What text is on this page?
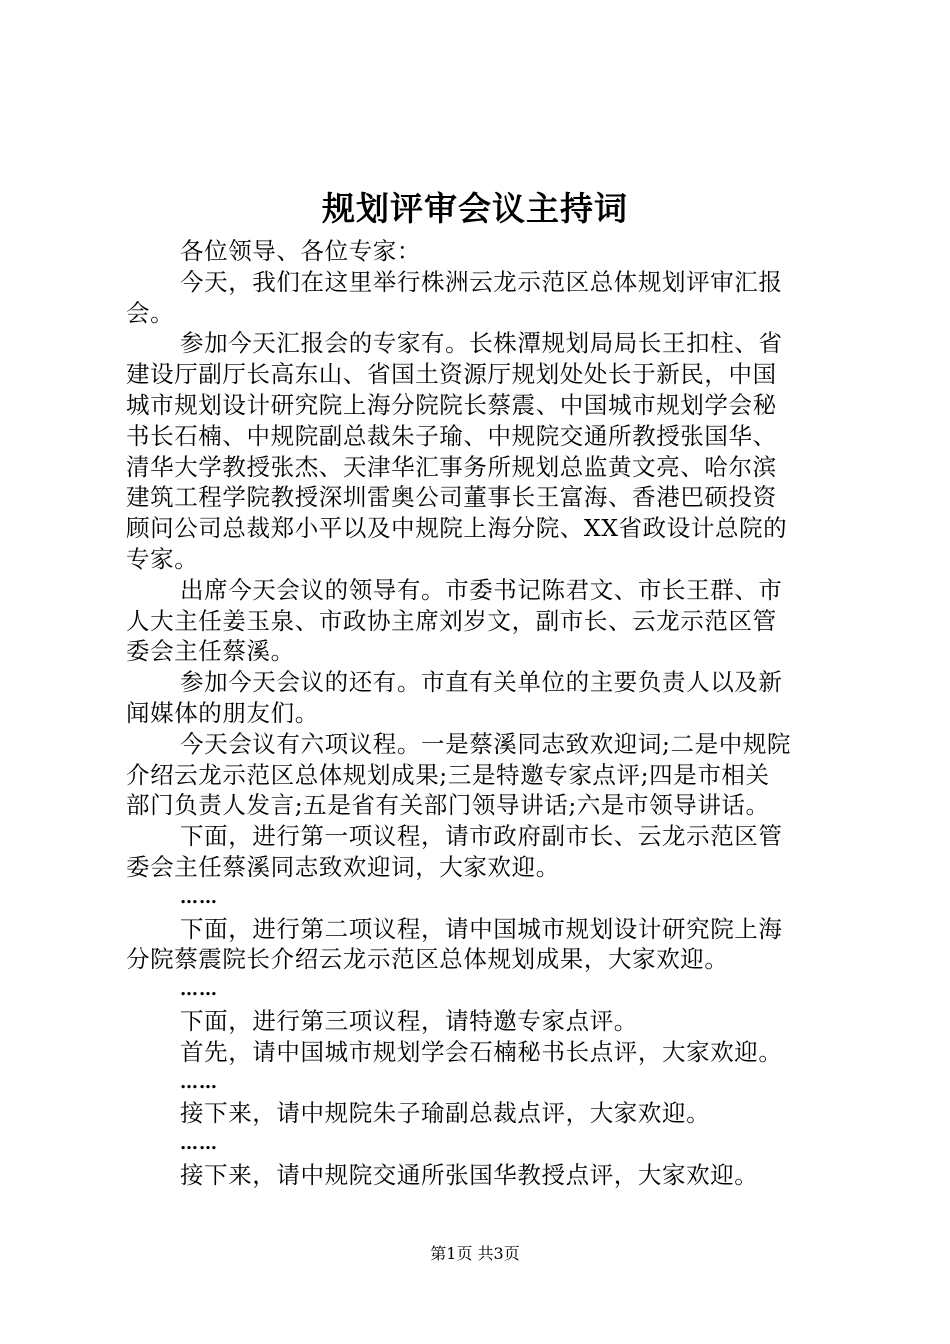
规划评审会议主持词
各位领导、各位专家：
今天，我们在这里举行株洲云龙示范区总体规划评审汇报
会。
参加今天汇报会的专家有。长株潭规划局局长王扣柱、省
建设厅副厅长高东山、省国土资源厅规划处处长于新民，中国
城市规划设计研究院上海分院院长蔡震、中国城市规划学会秘
书长石楠、中规院副总裁朱子瑜、中规院交通所教授张国华、
清华大学教授张杰、天津华汇事务所规划总监黄文亮、哈尔滨
建筑工程学院教授深圳雷奥公司董事长王富海、香港巴硕投资
顾问公司总裁郑小平以及中规院上海分院、XX省政设计总院的
专家。
出席今天会议的领导有。市委书记陈君文、市长王群、市
人大主任姜玉泉、市政协主席刘岁文，副市长、云龙示范区管
委会主任蔡溪。
参加今天会议的还有。市直有关单位的主要负责人以及新
闻媒体的朋友们。
今天会议有六项议程。一是蔡溪同志致欢迎词;二是中规院
介绍云龙示范区总体规划成果;三是特邀专家点评;四是市相关
部门负责人发言;五是省有关部门领导讲话;六是市领导讲话。
下面，进行第一项议程，请市政府副市长、云龙示范区管
委会主任蔡溪同志致欢迎词，大家欢迎。
……
下面，进行第二项议程，请中国城市规划设计研究院上海
分院蔡震院长介绍云龙示范区总体规划成果，大家欢迎。
……
下面，进行第三项议程，请特邀专家点评。
首先，请中国城市规划学会石楠秘书长点评，大家欢迎。
……
接下来，请中规院朱子瑜副总裁点评，大家欢迎。
……
接下来，请中规院交通所张国华教授点评，大家欢迎。
第1页 共3页
